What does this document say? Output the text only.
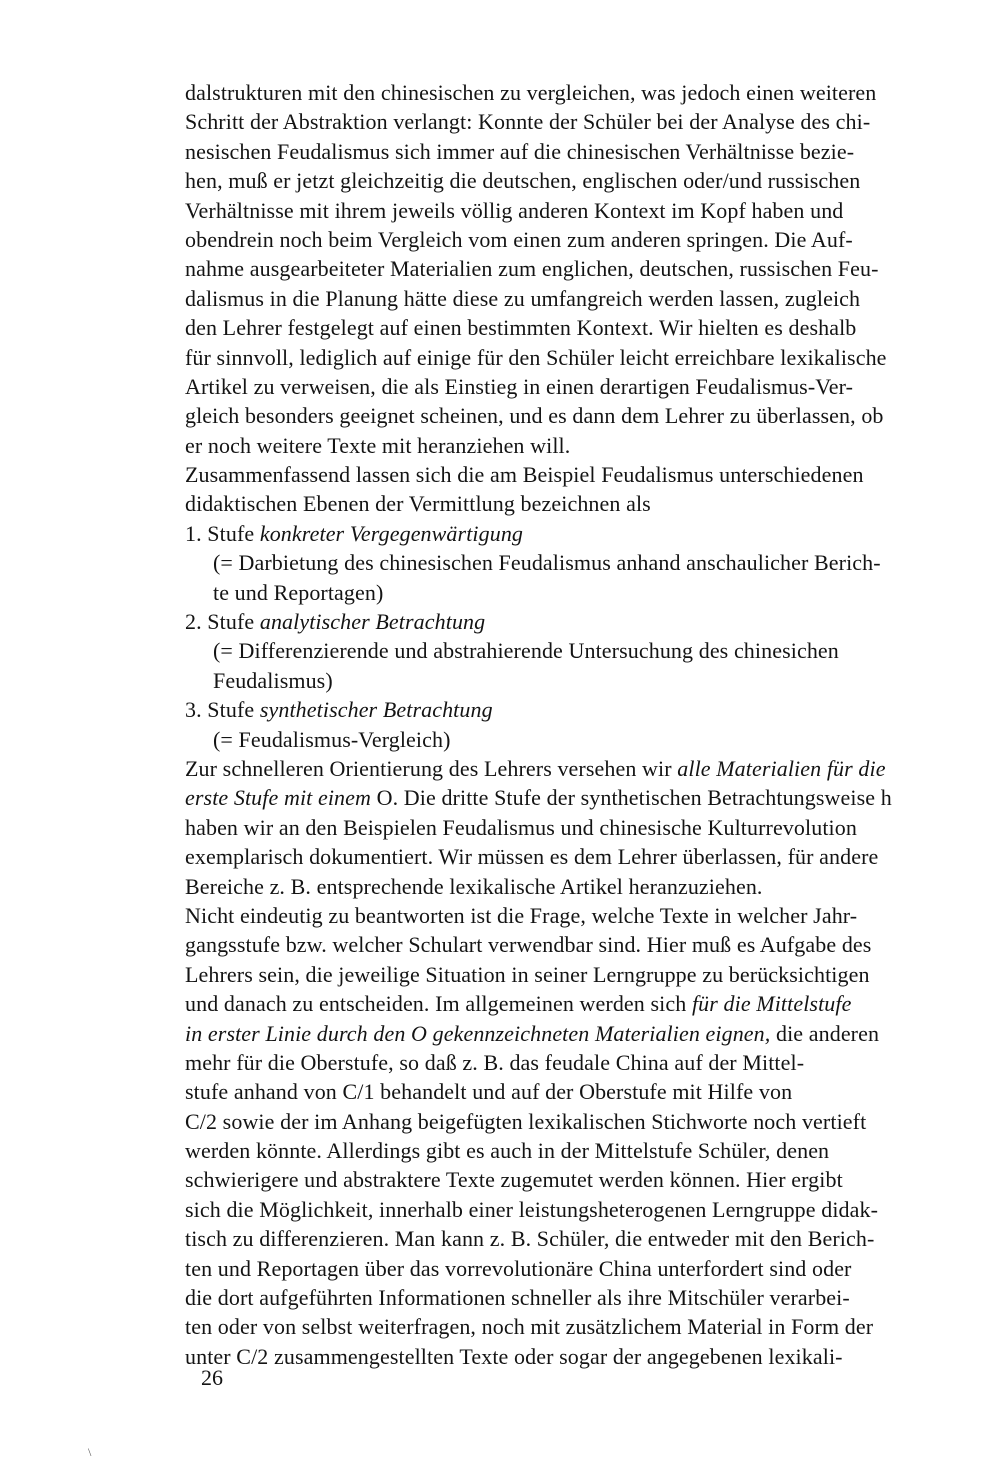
dalstrukturen mit den chinesischen zu vergleichen, was jedoch einen weiteren
Schritt der Abstraktion verlangt: Konnte der Schüler bei der Analyse des chi-
nesischen Feudalismus sich immer auf die chinesischen Verhältnisse bezie-
hen, muß er jetzt gleichzeitig die deutschen, englischen oder/und russischen
Verhältnisse mit ihrem jeweils völlig anderen Kontext im Kopf haben und
obendrein noch beim Vergleich vom einen zum anderen springen. Die Auf-
nahme ausgearbeiteter Materialien zum englichen, deutschen, russischen Feu-
dalismus in die Planung hätte diese zu umfangreich werden lassen, zugleich
den Lehrer festgelegt auf einen bestimmten Kontext. Wir hielten es deshalb
für sinnvoll, lediglich auf einige für den Schüler leicht erreichbare lexikalische
Artikel zu verweisen, die als Einstieg in einen derartigen Feudalismus-Ver-
gleich besonders geeignet scheinen, und es dann dem Lehrer zu überlassen, ob
er noch weitere Texte mit heranziehen will.
Zusammenfassend lassen sich die am Beispiel Feudalismus unterschiedenen
didaktischen Ebenen der Vermittlung bezeichnen als
1. Stufe konkreter Vergegenwärtigung
(= Darbietung des chinesischen Feudalismus anhand anschaulicher Berich-
te und Reportagen)
2. Stufe analytischer Betrachtung
(= Differenzierende und abstrahierende Untersuchung des chinesichen
Feudalismus)
3. Stufe synthetischer Betrachtung
(= Feudalismus-Vergleich)
Zur schnelleren Orientierung des Lehrers versehen wir alle Materialien für die
erste Stufe mit einem O. Die dritte Stufe der synthetischen Betrachtungsweise h
haben wir an den Beispielen Feudalismus und chinesische Kulturrevolution
exemplarisch dokumentiert. Wir müssen es dem Lehrer überlassen, für andere
Bereiche z. B. entsprechende lexikalische Artikel heranzuziehen.
Nicht eindeutig zu beantworten ist die Frage, welche Texte in welcher Jahr-
gangsstufe bzw. welcher Schulart verwendbar sind. Hier muß es Aufgabe des
Lehrers sein, die jeweilige Situation in seiner Lerngruppe zu berücksichtigen
und danach zu entscheiden. Im allgemeinen werden sich für die Mittelstufe
in erster Linie durch den O gekennzeichneten Materialien eignen, die anderen
mehr für die Oberstufe, so daß z. B. das feudale China auf der Mittel-
stufe anhand von C/1 behandelt und auf der Oberstufe mit Hilfe von
C/2 sowie der im Anhang beigefügten lexikalischen Stichworte noch vertieft
werden könnte. Allerdings gibt es auch in der Mittelstufe Schüler, denen
schwierigere und abstraktere Texte zugemutet werden können. Hier ergibt
sich die Möglichkeit, innerhalb einer leistungsheterogenen Lerngruppe didak-
tisch zu differenzieren. Man kann z. B. Schüler, die entweder mit den Berich-
ten und Reportagen über das vorrevolutionäre China unterfordert sind oder
die dort aufgeführten Informationen schneller als ihre Mitschüler verarbei-
ten oder von selbst weiterfragen, noch mit zusätzlichem Material in Form der
unter C/2 zusammengestellten Texte oder sogar der angegebenen lexikali-
26
\
